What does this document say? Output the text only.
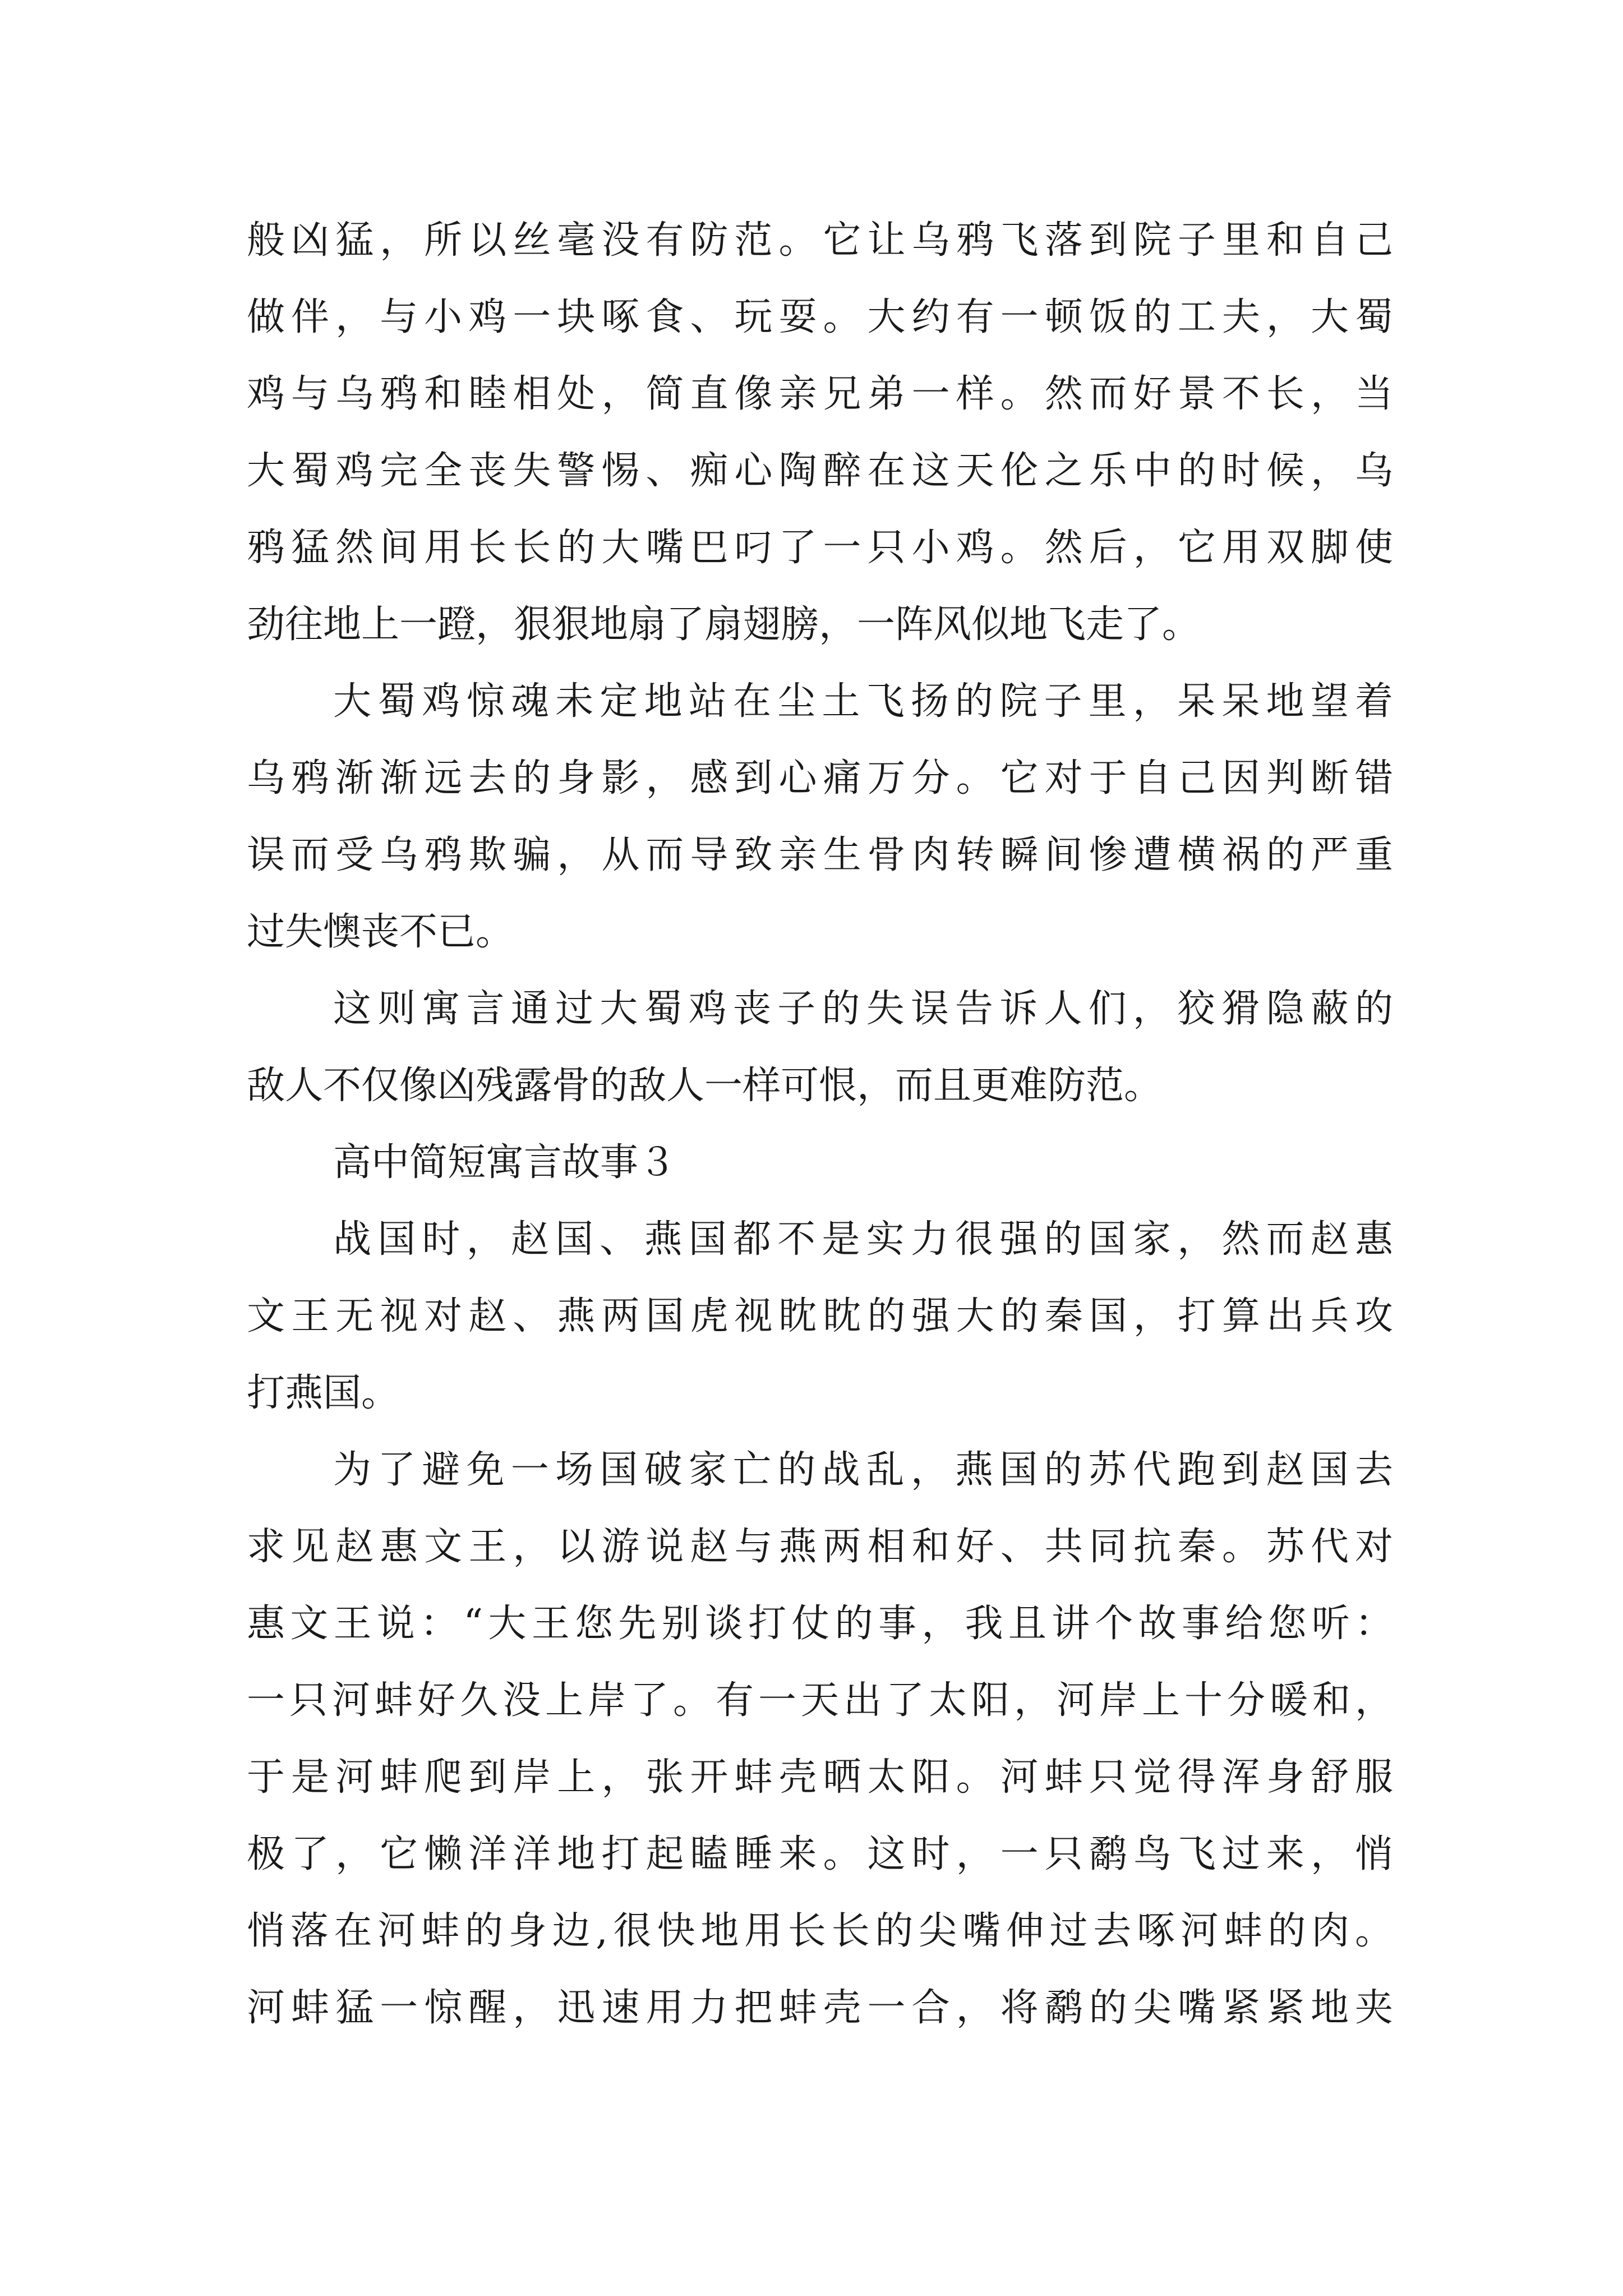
般凶猛，所以丝毫没有防范。它让乌鸦飞落到院子里和自己
做伴，与小鸡一块啄食、玩耍。大约有一顿饭的工夫，大蜀
鸡与乌鸦和睦相处，简直像亲兄弟一样。然而好景不长，当
大蜀鸡完全丧失警惕、痴心陶醉在这天伦之乐中的时候，乌
鸦猛然间用长长的大嘴巴叼了一只小鸡。然后，它用双脚使
劲往地上一蹬，狠狠地扇了扇翅膀，一阵风似地飞走了。
大蜀鸡惊魂未定地站在尘土飞扬的院子里，呆呆地望着
乌鸦渐渐远去的身影，感到心痛万分。它对于自己因判断错
误而受乌鸦欺骗，从而导致亲生骨肉转瞬间惨遭横祸的严重
过失懊丧不已。
这则寓言通过大蜀鸡丧子的失误告诉人们，狡猾隐蔽的
敌人不仅像凶残露骨的敌人一样可恨，而且更难防范。
高中简短寓言故事３
战国时，赵国、燕国都不是实力很强的国家，然而赵惠
文王无视对赵、燕两国虎视眈眈的强大的秦国，打算出兵攻
打燕国。
为了避免一场国破家亡的战乱，燕国的苏代跑到赵国去
求见赵惠文王，以游说赵与燕两相和好、共同抗秦。苏代对
惠文王说：“大王您先别谈打仗的事，我且讲个故事给您听：
一只河蚌好久没上岸了。有一天出了太阳，河岸上十分暖和，
于是河蚌爬到岸上，张开蚌壳晒太阳。河蚌只觉得浑身舒服
极了，它懒洋洋地打起瞌睡来。这时，一只鹬鸟飞过来，悄
悄落在河蚌的身边,很快地用长长的尖嘴伸过去啄河蚌的肉。
河蚌猛一惊醒，迅速用力把蚌壳一合，将鹬的尖嘴紧紧地夹
